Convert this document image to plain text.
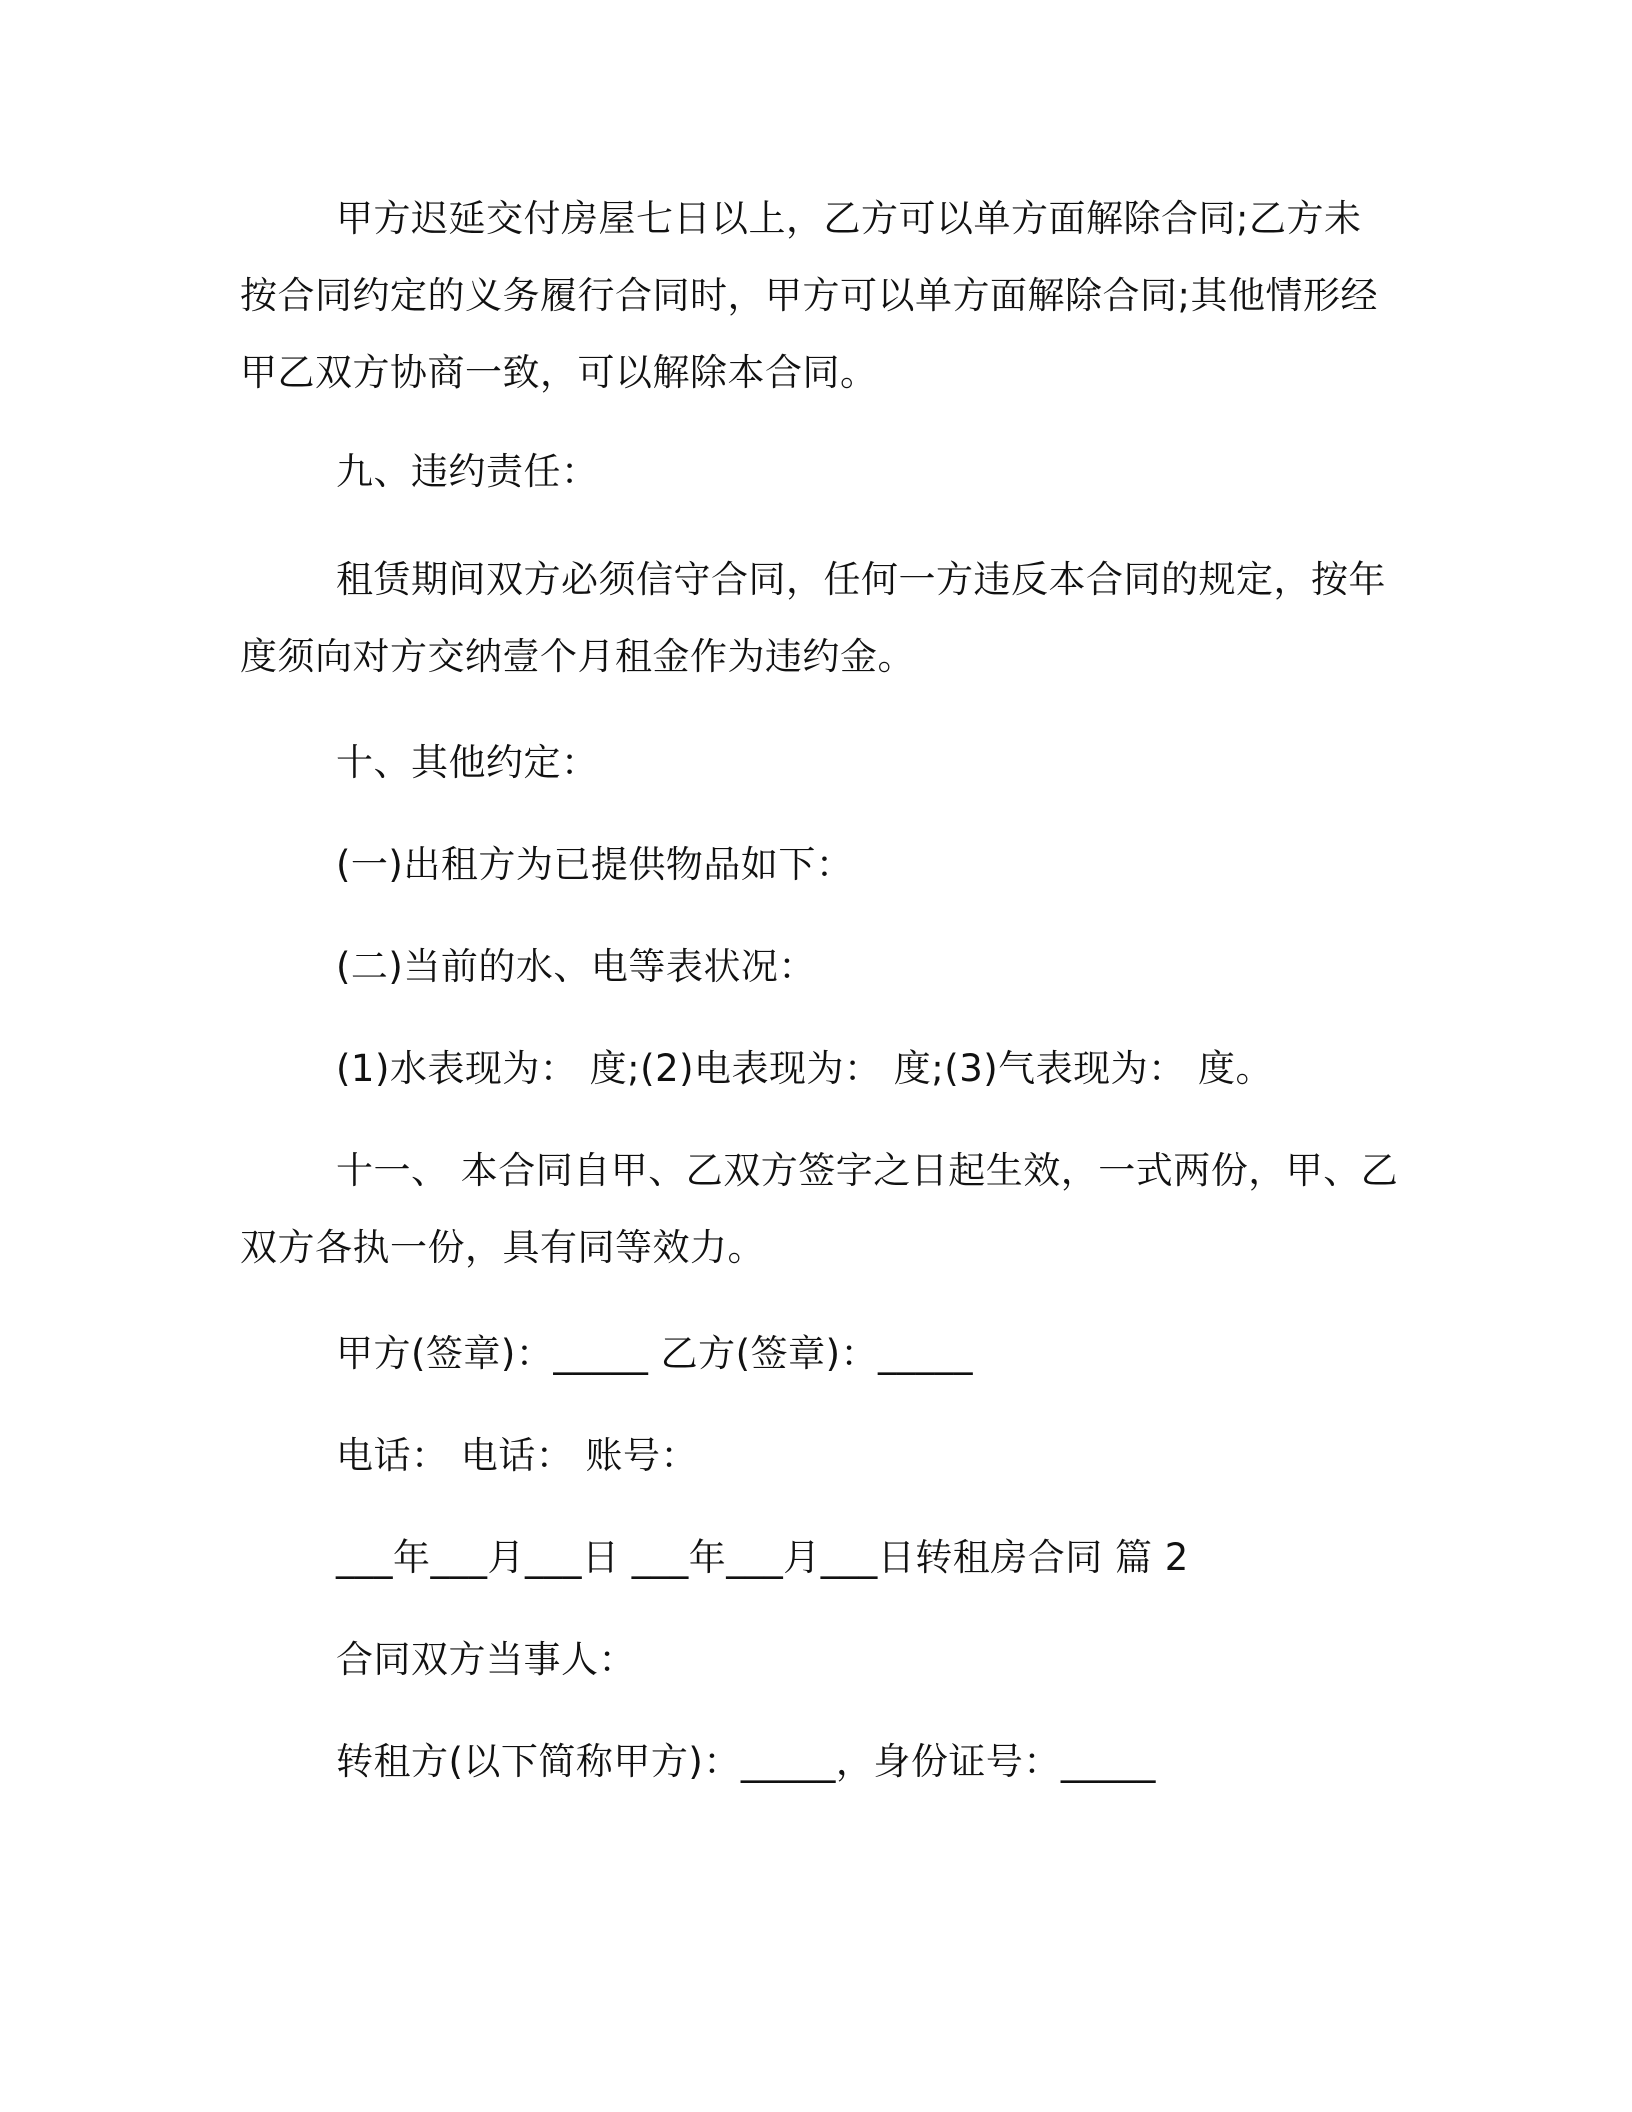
甲方迟延交付房屋七日以上，乙方可以单方面解除合同;乙方未
按合同约定的义务履行合同时，甲方可以单方面解除合同;其他情形经
甲乙双方协商一致，可以解除本合同。
九、违约责任：
租赁期间双方必须信守合同，任何一方违反本合同的规定，按年
度须向对方交纳壹个月租金作为违约金。
十、其他约定：
(一)出租方为已提供物品如下：
(二)当前的水、电等表状况：
(1)水表现为： 度;(2)电表现为： 度;(3)气表现为： 度。
十一、 本合同自甲、乙双方签字之日起生效，一式两份，甲、乙
双方各执一份，具有同等效力。
甲方(签章)：_____ 乙方(签章)：_____
电话： 电话： 账号：
___年___月___日 ___年___月___日转租房合同 篇 2
合同双方当事人：
转租方(以下简称甲方)：_____，身份证号：_____
